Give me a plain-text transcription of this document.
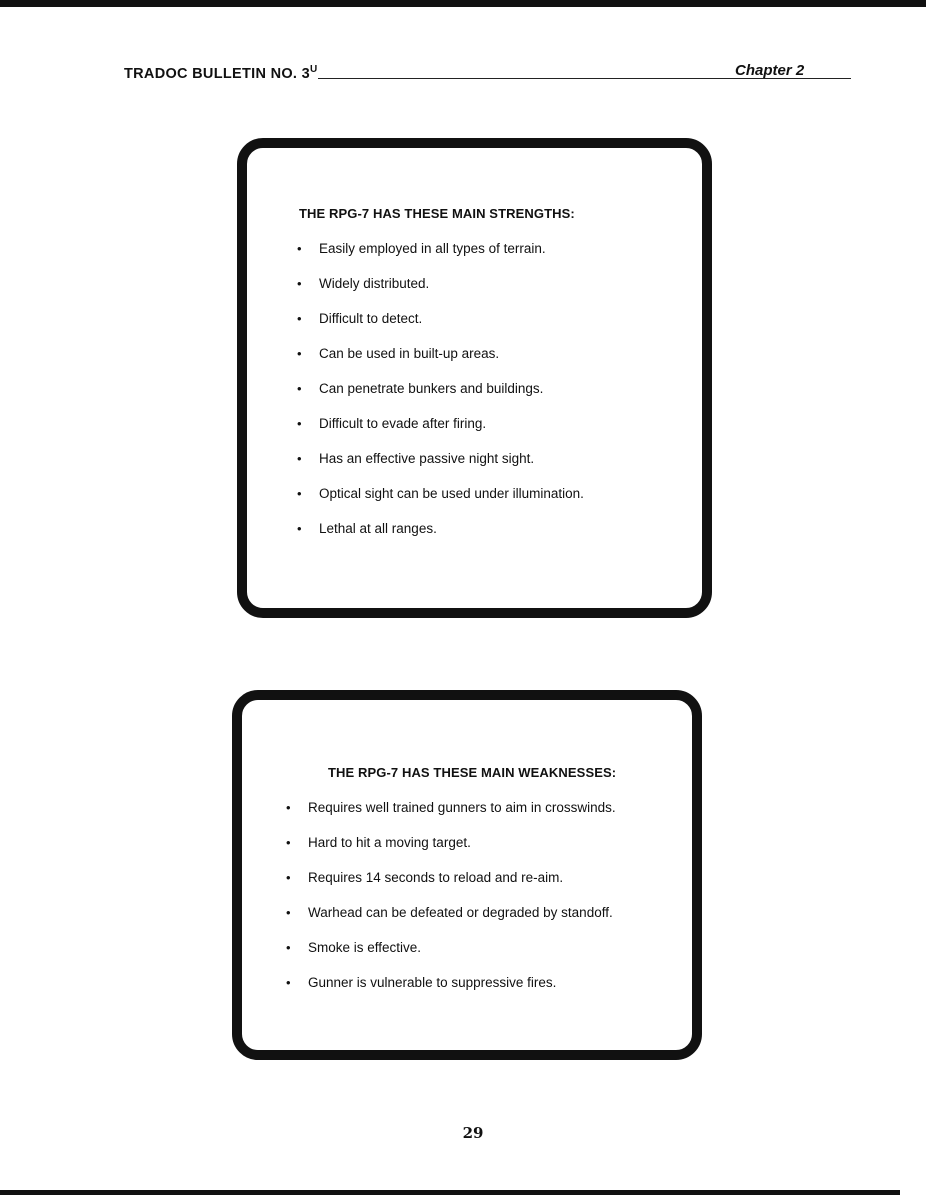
TRADOC BULLETIN NO. $3^U$	Chapter 2
THE RPG-7 HAS THESE MAIN STRENGTHS:
• Easily employed in all types of terrain.
• Widely distributed.
• Difficult to detect.
• Can be used in built-up areas.
• Can penetrate bunkers and buildings.
• Difficult to evade after firing.
• Has an effective passive night sight.
• Optical sight can be used under illumination.
• Lethal at all ranges.
THE RPG-7 HAS THESE MAIN WEAKNESSES:
• Requires well trained gunners to aim in crosswinds.
• Hard to hit a moving target.
• Requires 14 seconds to reload and re-aim.
• Warhead can be defeated or degraded by standoff.
• Smoke is effective.
• Gunner is vulnerable to suppressive fires.
29
